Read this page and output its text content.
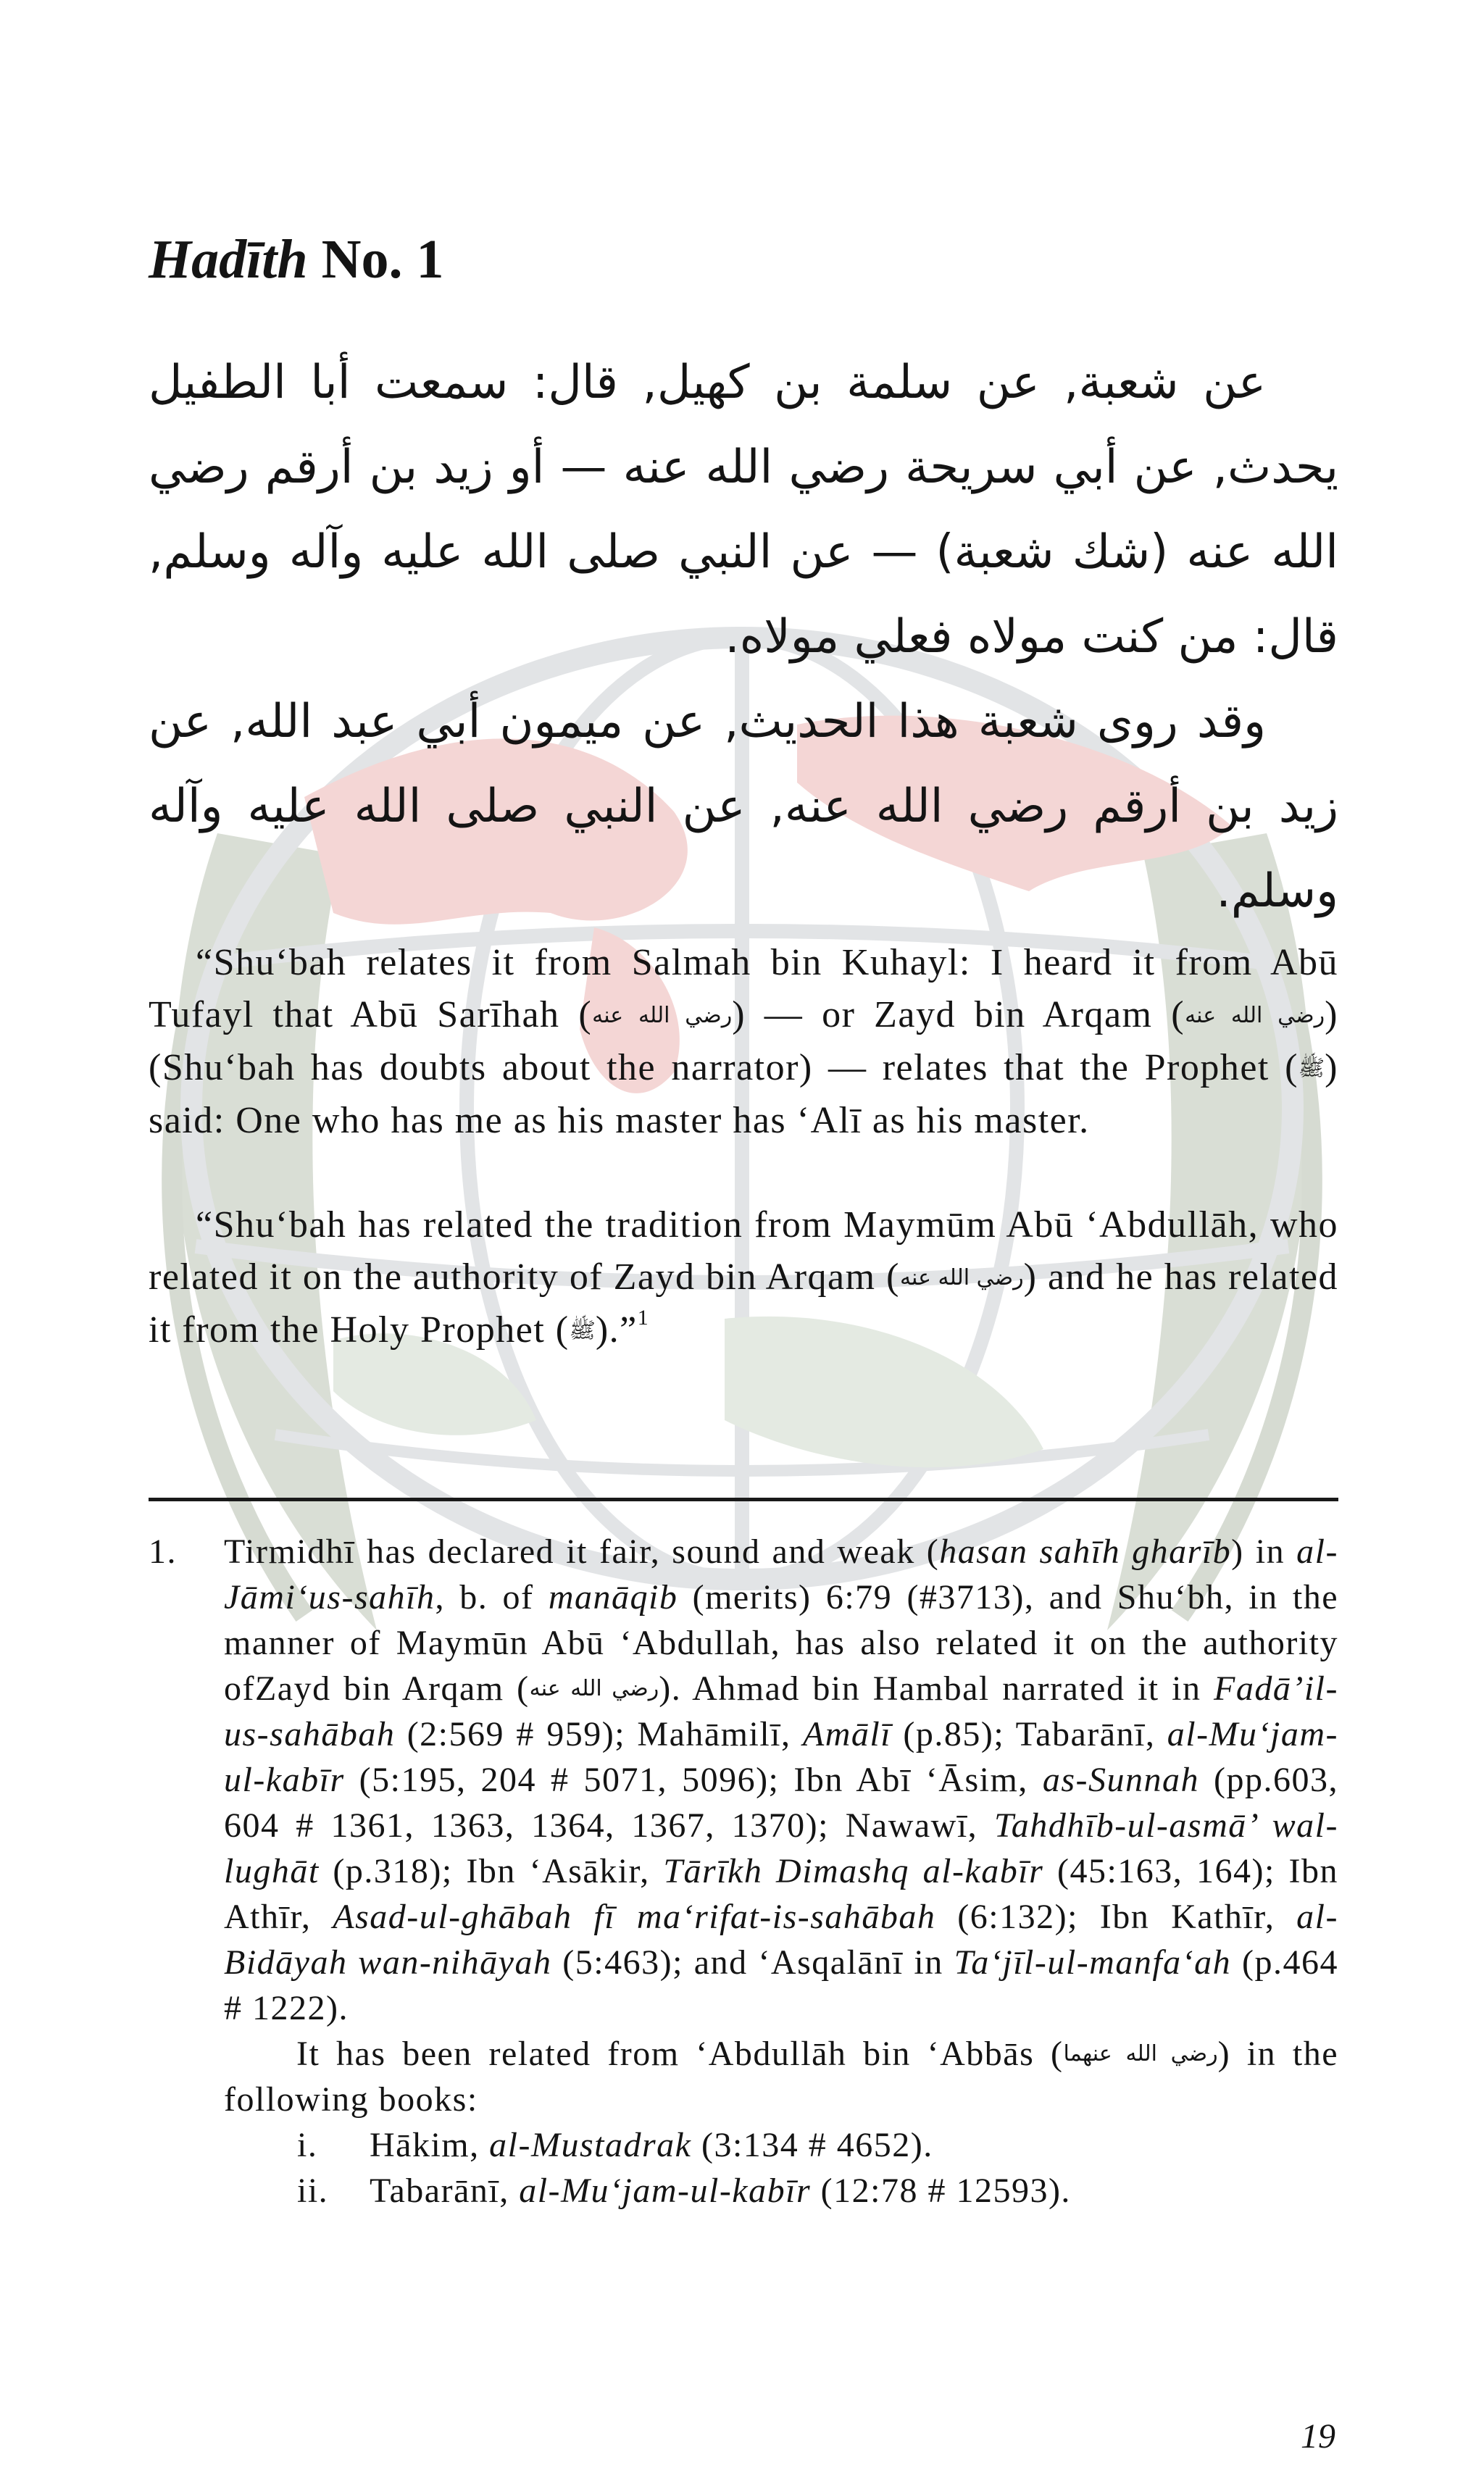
Hadīth No. 1
عن شعبة, عن سلمة بن كهيل, قال: سمعت أبا الطفيل يحدث, عن أبي سريحة رضي الله عنه — أو زيد بن أرقم رضي الله عنه (شك شعبة) — عن النبي صلى الله عليه وآله وسلم, قال: من كنت مولاه فعلي مولاه.
وقد روى شعبة هذا الحديث, عن ميمون أبي عبد الله, عن زيد بن أرقم رضي الله عنه, عن النبي صلى الله عليه وآله وسلم.
“Shu‘bah relates it from Salmah bin Kuhayl: I heard it from Abū Tufayl that Abū Sarīhah (رضي الله عنه) — or Zayd bin Arqam (رضي الله عنه) (Shu‘bah has doubts about the narrator) — relates that the Prophet (ﷺ) said: One who has me as his master has ‘Alī as his master.
“Shu‘bah has related the tradition from Maymūm Abū ‘Abdullāh, who related it on the authority of Zayd bin Arqam (رضي الله عنه) and he has related it from the Holy Prophet (ﷺ).”$^1$
1.	Tirmidhī has declared it fair, sound and weak (hasan sahīh gharīb) in al-Jāmi‘us-sahīh, b. of manāqib (merits) 6:79 (#3713), and Shu‘bh, in the manner of Maymūn Abū ‘Abdullah, has also related it on the authority ofZayd bin Arqam (رضي الله عنه). Ahmad bin Hambal narrated it in Fadā’il-us-sahābah (2:569 # 959); Mahāmilī, Amālī (p.85); Tabarānī, al-Mu‘jam-ul-kabīr (5:195, 204 # 5071, 5096); Ibn Abī ‘Āsim, as-Sunnah (pp.603, 604 # 1361, 1363, 1364, 1367, 1370); Nawawī, Tahdhīb-ul-asmā’ wal-lughāt (p.318); Ibn ‘Asākir, Tārīkh Dimashq al-kabīr (45:163, 164); Ibn Athīr, Asad-ul-ghābah fī ma‘rifat-is-sahābah (6:132); Ibn Kathīr, al-Bidāyah wan-nihāyah (5:463); and ‘Asqalānī in Ta‘jīl-ul-manfa‘ah (p.464 # 1222).
It has been related from ‘Abdullāh bin ‘Abbās (رضي الله عنهما) in the following books:
i. Hākim, al-Mustadrak (3:134 # 4652).
ii. Tabarānī, al-Mu‘jam-ul-kabīr (12:78 # 12593).
19
